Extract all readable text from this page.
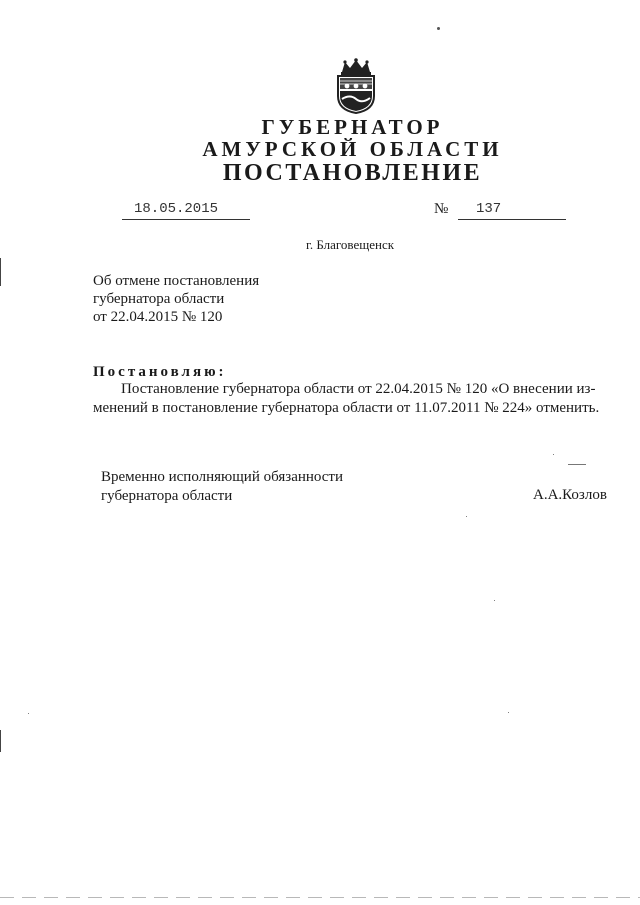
ГУБЕРНАТОР
АМУРСКОЙ ОБЛАСТИ
ПОСТАНОВЛЕНИЕ
18.05.2015	№ 137
г. Благовещенск
Об отмене постановления
губернатора области
от 22.04.2015 № 120
Постановляю:
Постановление губернатора области от 22.04.2015 № 120 «О внесении из-
менений в постановление губернатора области от 11.07.2011 № 224» отменить.
Временно исполняющий обязанности
губернатора области	А.А.Козлов
